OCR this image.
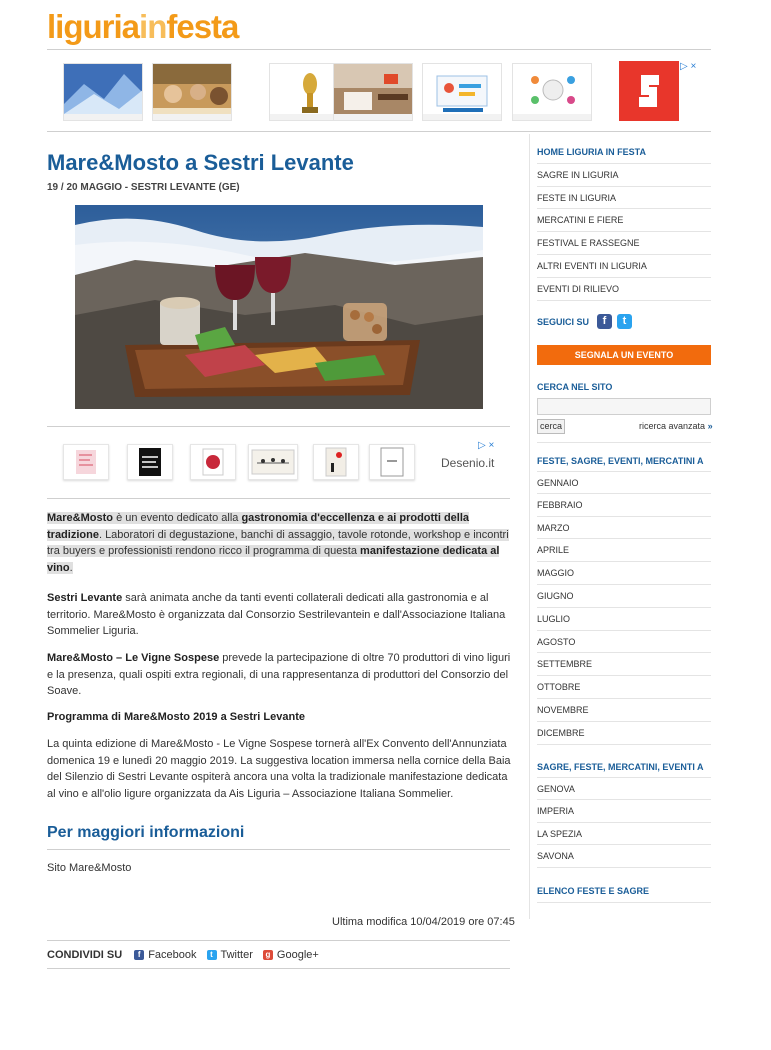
liguriainfesta
▷ ×
Mare&Mosto a Sestri Levante
19 / 20 MAGGIO - SESTRI LEVANTE (GE)
▷ ×
Desenio.it
Mare&Mosto è un evento dedicato alla gastronomia d'eccellenza e ai prodotti della tradizione. Laboratori di degustazione, banchi di assaggio, tavole rotonde, workshop e incontri tra buyers e professionisti rendono ricco il programma di questa manifestazione dedicata al vino.
Sestri Levante sarà animata anche da tanti eventi collaterali dedicati alla gastronomia e al territorio. Mare&Mosto è organizzata dal Consorzio Sestrilevantein e dall'Associazione Italiana Sommelier Liguria.
Mare&Mosto – Le Vigne Sospese prevede la partecipazione di oltre 70 produttori di vino liguri e la presenza, quali ospiti extra regionali, di una rappresentanza di produttori del Consorzio del Soave.
Programma di Mare&Mosto 2019 a Sestri Levante
La quinta edizione di Mare&Mosto - Le Vigne Sospese tornerà all'Ex Convento dell'Annunziata domenica 19 e lunedì 20 maggio 2019. La suggestiva location immersa nella cornice della Baia del Silenzio di Sestri Levante ospiterà ancora una volta la tradizionale manifestazione dedicata al vino e all'olio ligure organizzata da Ais Liguria – Associazione Italiana Sommelier.
Per maggiori informazioni
Sito Mare&Mosto
Ultima modifica 10/04/2019 ore 07:45
CONDIVIDI SU	f Facebook	t Twitter	g Google+
HOME LIGURIA IN FESTA
SAGRE IN LIGURIA
FESTE IN LIGURIA
MERCATINI E FIERE
FESTIVAL E RASSEGNE
ALTRI EVENTI IN LIGURIA
EVENTI DI RILIEVO
SEGUICI SU	f	t
SEGNALA UN EVENTO
CERCA NEL SITO
cerca	ricerca avanzata »
FESTE, SAGRE, EVENTI, MERCATINI A
GENNAIO
FEBBRAIO
MARZO
APRILE
MAGGIO
GIUGNO
LUGLIO
AGOSTO
SETTEMBRE
OTTOBRE
NOVEMBRE
DICEMBRE
SAGRE, FESTE, MERCATINI, EVENTI A
GENOVA
IMPERIA
LA SPEZIA
SAVONA
ELENCO FESTE E SAGRE
